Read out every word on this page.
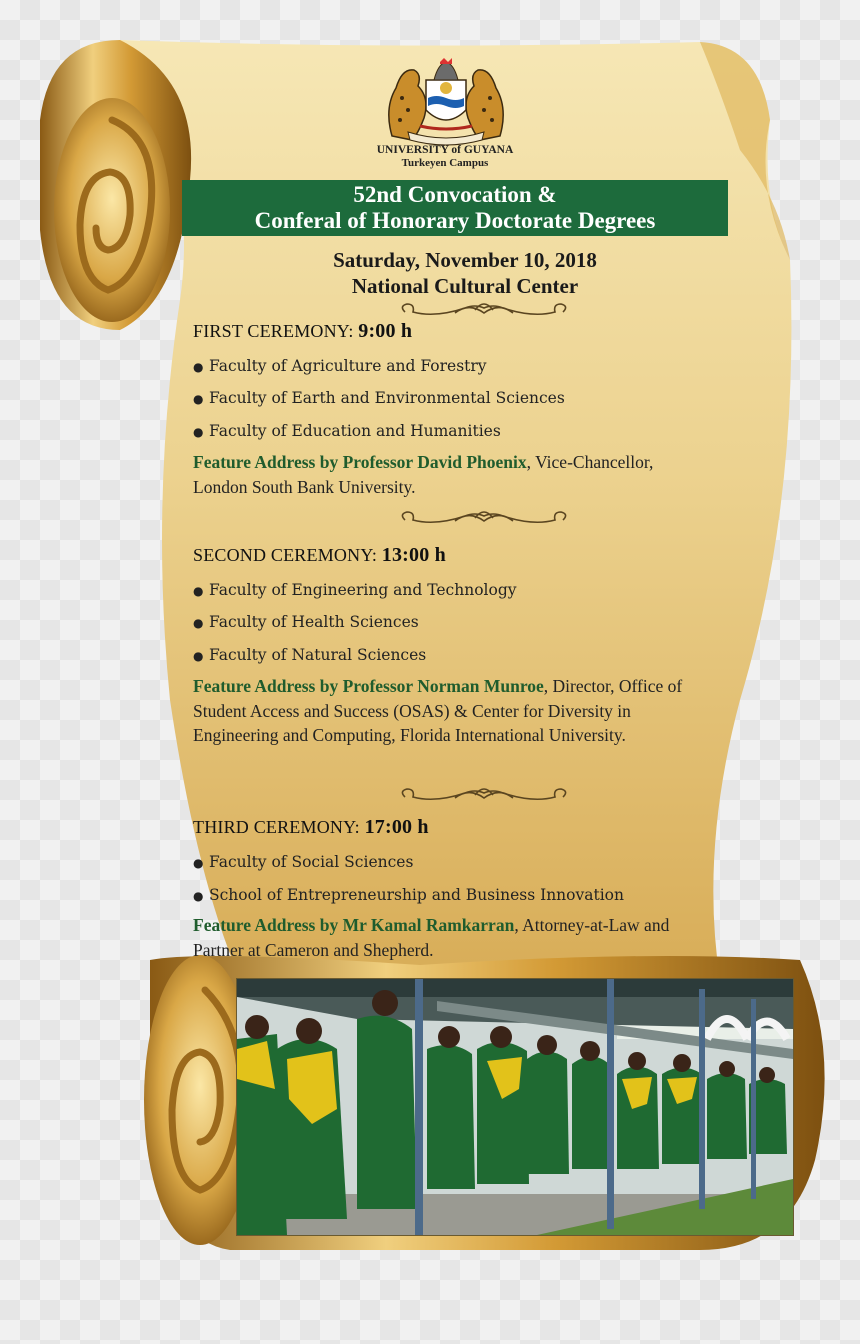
UNIVERSITY of GUYANA
Turkeyen Campus
52nd Convocation &
Conferal of Honorary Doctorate Degrees
Saturday, November 10, 2018
National Cultural Center
FIRST CEREMONY: 9:00 h
● Faculty of Agriculture and Forestry
● Faculty of Earth and Environmental Sciences
● Faculty of Education and Humanities
Feature Address by Professor David Phoenix, Vice-Chancellor, London South Bank University.
SECOND CEREMONY: 13:00 h
● Faculty of Engineering and Technology
● Faculty of Health Sciences
● Faculty of Natural Sciences
Feature Address by Professor Norman Munroe, Director, Office of Student Access and Success (OSAS) & Center for Diversity in Engineering and Computing, Florida International University.
THIRD CEREMONY: 17:00 h
● Faculty of Social Sciences
● School of Entrepreneurship and Business Innovation
Feature Address by Mr Kamal Ramkarran, Attorney-at-Law and Partner at Cameron and Shepherd.
